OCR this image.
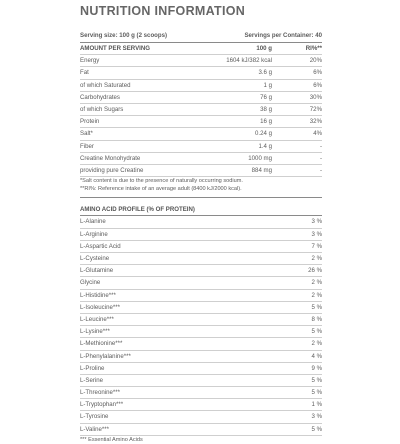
NUTRITION INFORMATION
Serving size: 100 g (2 scoops)	Servings per Container: 40
AMOUNT PER SERVING	100 g	RI%**
Energy	1604 kJ/382 kcal	20%
Fat	3.6 g	6%
of which Saturated	1 g	6%
Carbohydrates	76 g	30%
of which Sugars	38 g	72%
Protein	16 g	32%
Salt*	0.24 g	4%
Fiber	1.4 g	-
Creatine Monohydrate	1000 mg	-
providing pure Creatine	884 mg	-
*Salt content is due to the presence of naturally occurring sodium.
**RI%: Reference intake of an average adult (8400 kJ/2000 kcal).
AMINO ACID PROFILE (% OF PROTEIN)
L-Alanine	3 %
L-Arginine	3 %
L-Aspartic Acid	7 %
L-Cysteine	2 %
L-Glutamine	26 %
Glycine	2 %
L-Histidine***	2 %
L-Isoleucine***	5 %
L-Leucine***	8 %
L-Lysine***	5 %
L-Methionine***	2 %
L-Phenylalanine***	4 %
L-Proline	9 %
L-Serine	5 %
L-Threonine***	5 %
L-Tryptophan***	1 %
L-Tyrosine	3 %
L-Valine***	5 %
*** Essential Amino Acids
